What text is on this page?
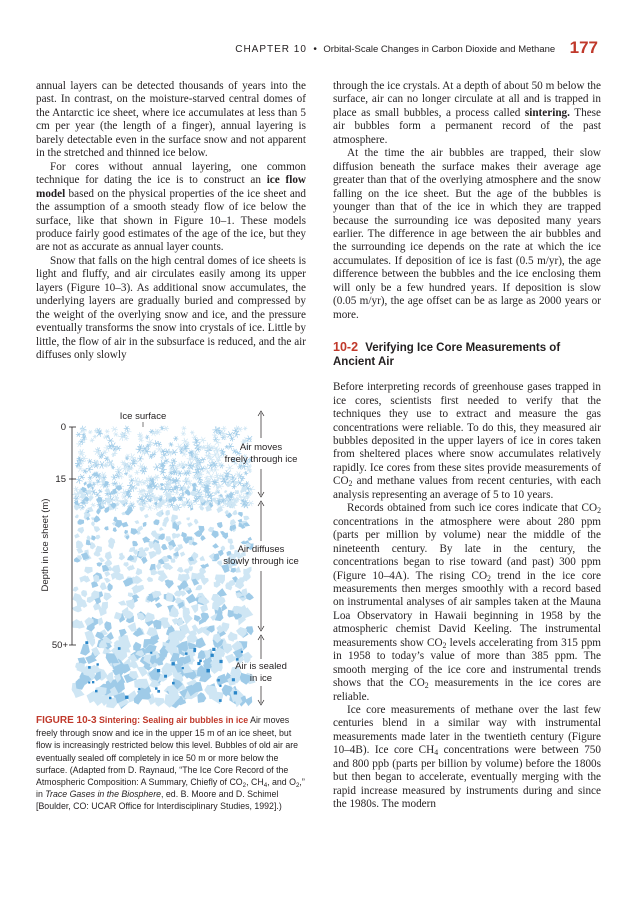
CHAPTER 10 • Orbital-Scale Changes in Carbon Dioxide and Methane 177

annual layers can be detected thousands of years into the past. In contrast, on the moisture-starved central domes of the Antarctic ice sheet, where ice accumulates at less than 5 cm per year (the length of a finger), annual layering is barely detectable even in the surface snow and not apparent in the stretched and thinned ice below.

For cores without annual layering, one common technique for dating the ice is to construct an ice flow model based on the physical properties of the ice sheet and the assumption of a smooth steady flow of ice below the surface, like that shown in Figure 10–1. These models produce fairly good estimates of the age of the ice, but they are not as accurate as annual layer counts.

Snow that falls on the high central domes of ice sheets is light and fluffy, and air circulates easily among its upper layers (Figure 10–3). As additional snow accumulates, the underlying layers are gradually buried and compressed by the weight of the overlying snow and ice, and the pressure eventually transforms the snow into crystals of ice. Little by little, the flow of air in the subsurface is reduced, and the air diffuses only slowly

0
15
50+
Depth in ice sheet (m)
Ice surface
Air moves
freely through ice
Air diffuses
slowly through ice
Air is sealed
in ice
FIGURE 10-3 Sintering: Sealing air bubbles in ice Air moves freely through snow and ice in the upper 15 m of an ice sheet, but flow is increasingly restricted below this level. Bubbles of old air are eventually sealed off completely in ice 50 m or more below the surface. (Adapted from D. Raynaud, “The Ice Core Record of the Atmospheric Composition: A Summary, Chiefly of $CO_2$, $CH_4$, and $O_2$,” in Trace Gases in the Biosphere, ed. B. Moore and D. Schimel [Boulder, CO: UCAR Office for Interdisciplinary Studies, 1992].)

through the ice crystals. At a depth of about 50 m below the surface, air can no longer circulate at all and is trapped in place as small bubbles, a process called sintering. These air bubbles form a permanent record of the past atmosphere.

At the time the air bubbles are trapped, their slow diffusion beneath the surface makes their average age greater than that of the overlying atmosphere and the snow falling on the ice sheet. But the age of the bubbles is younger than that of the ice in which they are trapped because the surrounding ice was deposited many years earlier. The difference in age between the air bubbles and the surrounding ice depends on the rate at which the ice accumulates. If deposition of ice is fast (0.5 m/yr), the age difference between the bubbles and the ice enclosing them will only be a few hundred years. If deposition is slow (0.05 m/yr), the age offset can be as large as 2000 years or more.

10-2 Verifying Ice Core Measurements of Ancient Air

Before interpreting records of greenhouse gases trapped in ice cores, scientists first needed to verify that the techniques they use to extract and measure the gas concentrations were reliable. To do this, they measured air bubbles deposited in the upper layers of ice in cores taken from sheltered places where snow accumulates relatively rapidly. Ice cores from these sites provide measurements of $CO_2$ and methane values from recent centuries, with each analysis representing an average of 5 to 10 years.

Records obtained from such ice cores indicate that $CO_2$ concentrations in the atmosphere were about 280 ppm (parts per million by volume) near the middle of the nineteenth century. By late in the century, the concentrations began to rise toward (and past) 300 ppm (Figure 10–4A). The rising $CO_2$ trend in the ice core measurements then merges smoothly with a record based on instrumental analyses of air samples taken at the Mauna Loa Observatory in Hawaii beginning in 1958 by the atmospheric chemist David Keeling. The instrumental measurements show $CO_2$ levels accelerating from 315 ppm in 1958 to today’s value of more than 385 ppm. The smooth merging of the ice core and instrumental trends shows that the $CO_2$ measurements in the ice cores are reliable.

Ice core measurements of methane over the last few centuries blend in a similar way with instrumental measurements made later in the twentieth century (Figure 10–4B). Ice core $CH_4$ concentrations were between 750 and 800 ppb (parts per billion by volume) before the 1800s but then began to accelerate, eventually merging with the rapid increase measured by instruments during and since the 1980s. The modern
